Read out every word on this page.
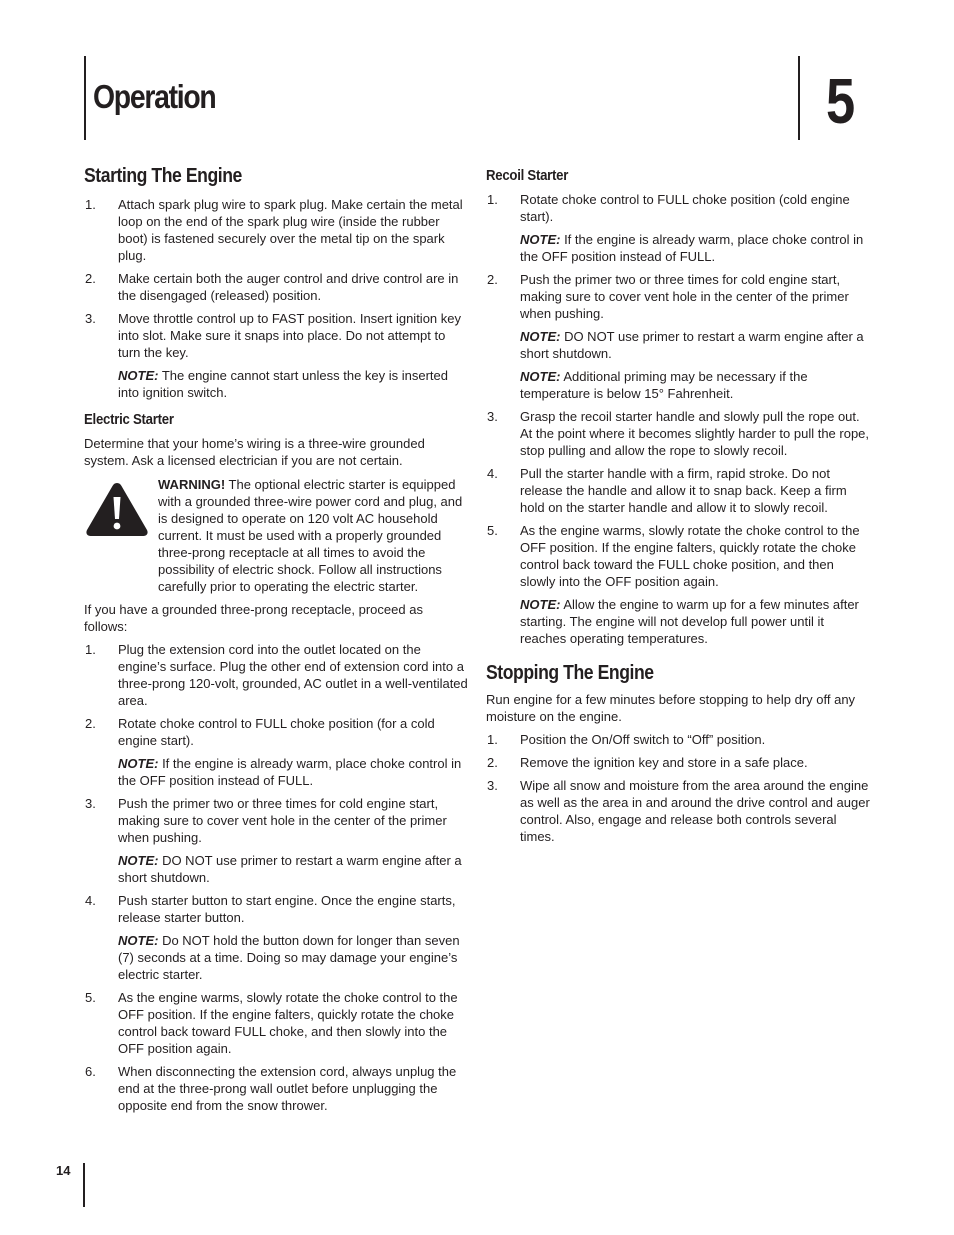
Operation	5
Starting The Engine
1. Attach spark plug wire to spark plug. Make certain the metal loop on the end of the spark plug wire (inside the rubber boot) is fastened securely over the metal tip on the spark plug.
2. Make certain both the auger control and drive control are in the disengaged (released) position.
3. Move throttle control up to FAST position. Insert ignition key into slot. Make sure it snaps into place. Do not attempt to turn the key.
NOTE: The engine cannot start unless the key is inserted into ignition switch.
Electric Starter

Determine that your home’s wiring is a three-wire grounded system. Ask a licensed electrician if you are not certain.

WARNING! The optional electric starter is equipped with a grounded three-wire power cord and plug, and is designed to operate on 120 volt AC household current. It must be used with a properly grounded three-prong receptacle at all times to avoid the possibility of electric shock. Follow all instructions carefully prior to operating the electric starter.

If you have a grounded three-prong receptacle, proceed as follows:

1. Plug the extension cord into the outlet located on the engine’s surface. Plug the other end of extension cord into a three-prong 120-volt, grounded, AC outlet in a well-ventilated area.
2. Rotate choke control to FULL choke position (for a cold engine start).
NOTE: If the engine is already warm, place choke control in the OFF position instead of FULL.
3. Push the primer two or three times for cold engine start, making sure to cover vent hole in the center of the primer when pushing.
NOTE: DO NOT use primer to restart a warm engine after a short shutdown.
4. Push starter button to start engine. Once the engine starts, release starter button.
NOTE: Do NOT hold the button down for longer than seven (7) seconds at a time. Doing so may damage your engine’s electric starter.
5. As the engine warms, slowly rotate the choke control to the OFF position. If the engine falters, quickly rotate the choke control back toward FULL choke, and then slowly into the OFF position again.
6. When disconnecting the extension cord, always unplug the end at the three-prong wall outlet before unplugging the opposite end from the snow thrower.
Recoil Starter
1. Rotate choke control to FULL choke position (cold engine start).
NOTE: If the engine is already warm, place choke control in the OFF position instead of FULL.
2. Push the primer two or three times for cold engine start, making sure to cover vent hole in the center of the primer when pushing.
NOTE: DO NOT use primer to restart a warm engine after a short shutdown.
NOTE: Additional priming may be necessary if the temperature is below 15° Fahrenheit.
3. Grasp the recoil starter handle and slowly pull the rope out. At the point where it becomes slightly harder to pull the rope, stop pulling and allow the rope to slowly recoil.
4. Pull the starter handle with a firm, rapid stroke. Do not release the handle and allow it to snap back. Keep a firm hold on the starter handle and allow it to slowly recoil.
5. As the engine warms, slowly rotate the choke control to the OFF position. If the engine falters, quickly rotate the choke control back toward the FULL choke position, and then slowly into the OFF position again.
NOTE: Allow the engine to warm up for a few minutes after starting. The engine will not develop full power until it reaches operating temperatures.
Stopping The Engine

Run engine for a few minutes before stopping to help dry off any moisture on the engine.

1. Position the On/Off switch to “Off” position.
2. Remove the ignition key and store in a safe place.
3. Wipe all snow and moisture from the area around the engine as well as the area in and around the drive control and auger control. Also, engage and release both controls several times.
14
